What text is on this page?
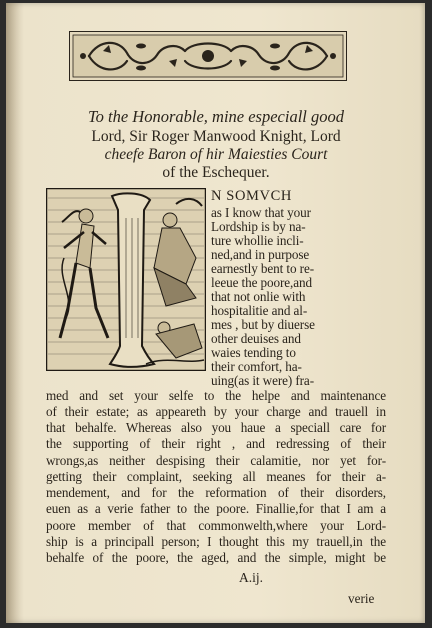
To the Honorable, mine especiall good
Lord, Sir Roger Manwood Knight, Lord
cheefe Baron of hir Maiesties Court
of the Eschequer.
N SOMVCH
as I know that your
Lordship is by na-
ture whollie incli-
ned,and in purpose
earnestly bent to re-
leeue the poore,and
that not onlie with
hospitalitie and al-
mes , but by diuerse
other deuises and
waies tending to
their comfort, ha-
uing(as it were) fra-
med and set your selfe to the helpe and maintenance
of their estate; as appeareth by your charge and trauell in
that behalfe. Whereas also you haue a speciall care for
the supporting of their right , and redressing of their
wrongs,as neither despising their calamitie, nor yet for-
getting their complaint, seeking all meanes for their a-
mendement, and for the reformation of their disorders,
euen as a verie father to the poore. Finallie,for that I am a
poore member of that commonwelth,where your Lord-
ship is a principall person; I thought this my trauell,in the
behalfe of the poore, the aged, and the simple, might be
A.ij.
verie
